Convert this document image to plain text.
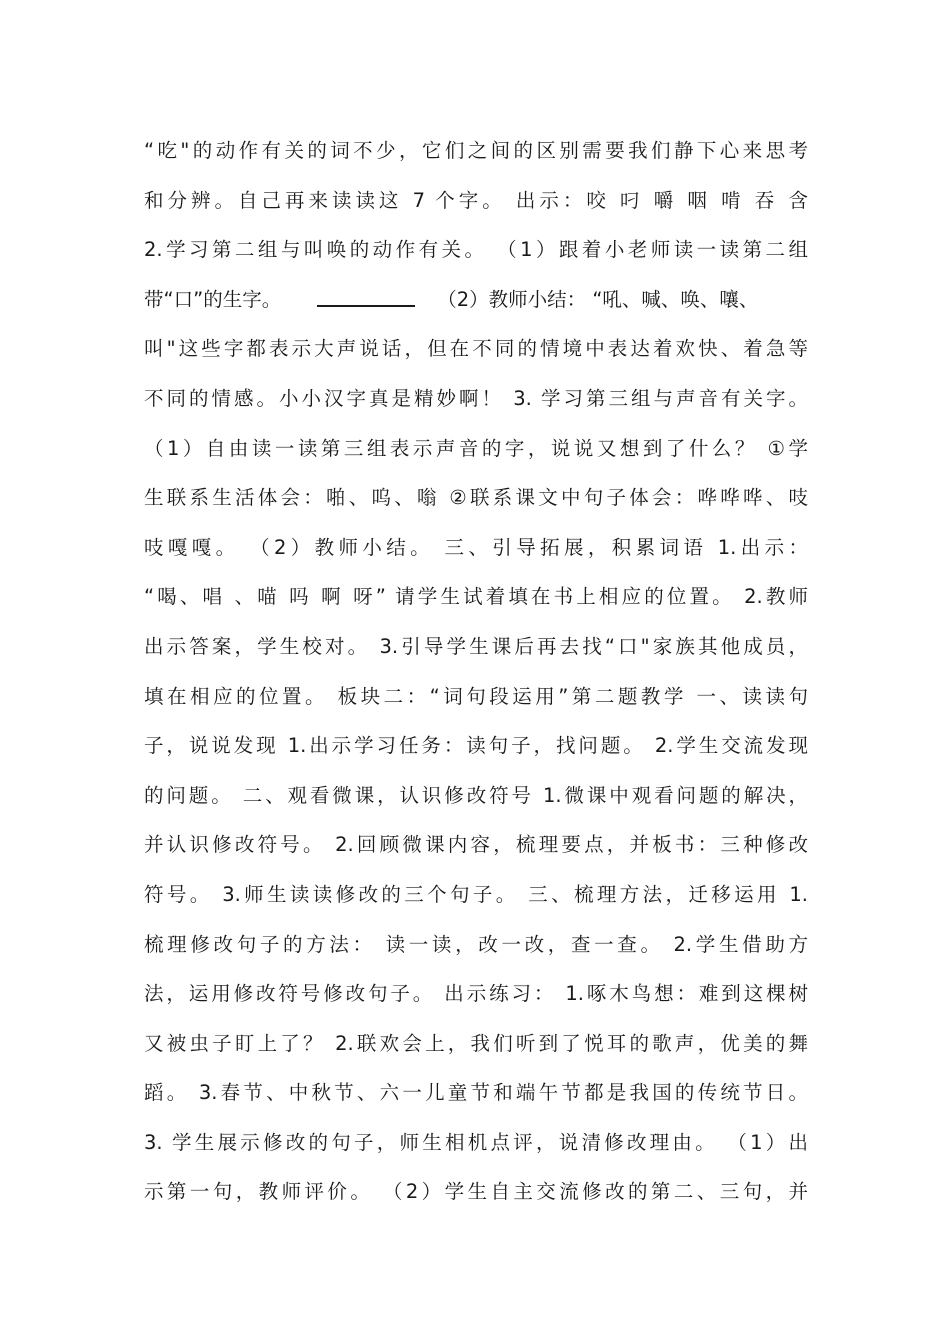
“吃"的动作有关的词不少，它们之间的区别需要我们静下心来思考
和分辨。自己再来读读这 7 个字。 出示：咬 叼 嚼 咽 啃 吞 含
2.学习第二组与叫唤的动作有关。 （1）跟着小老师读一读第二组
带“口”的生字。	（2）教师小结： “吼、喊、唤、嚷、
叫"这些字都表示大声说话，但在不同的情境中表达着欢快、着急等
不同的情感。小小汉字真是精妙啊！ 3. 学习第三组与声音有关字。
（1）自由读一读第三组表示声音的字，说说又想到了什么？ ①学
生联系生活体会：啪、呜、嗡 ②联系课文中句子体会：哗哗哗、吱
吱嘎嘎。 （2）教师小结。 三、引导拓展，积累词语 1.出示：
“喝、唱 、喵 吗 啊 呀” 请学生试着填在书上相应的位置。 2.教师
出示答案，学生校对。 3.引导学生课后再去找“口"家族其他成员，
填在相应的位置。 板块二：“词句段运用”第二题教学 一、读读句
子，说说发现 1.出示学习任务：读句子，找问题。 2.学生交流发现
的问题。 二、观看微课，认识修改符号 1.微课中观看问题的解决，
并认识修改符号。 2.回顾微课内容，梳理要点，并板书：三种修改
符号。 3.师生读读修改的三个句子。 三、梳理方法，迁移运用 1.
梳理修改句子的方法： 读一读，改一改，查一查。 2.学生借助方
法，运用修改符号修改句子。 出示练习： 1.啄木鸟想：难到这棵树
又被虫子盯上了？ 2.联欢会上，我们听到了悦耳的歌声，优美的舞
蹈。 3.春节、中秋节、六一儿童节和端午节都是我国的传统节日。
3. 学生展示修改的句子，师生相机点评，说清修改理由。 （1）出
示第一句，教师评价。 （2）学生自主交流修改的第二、三句，并
